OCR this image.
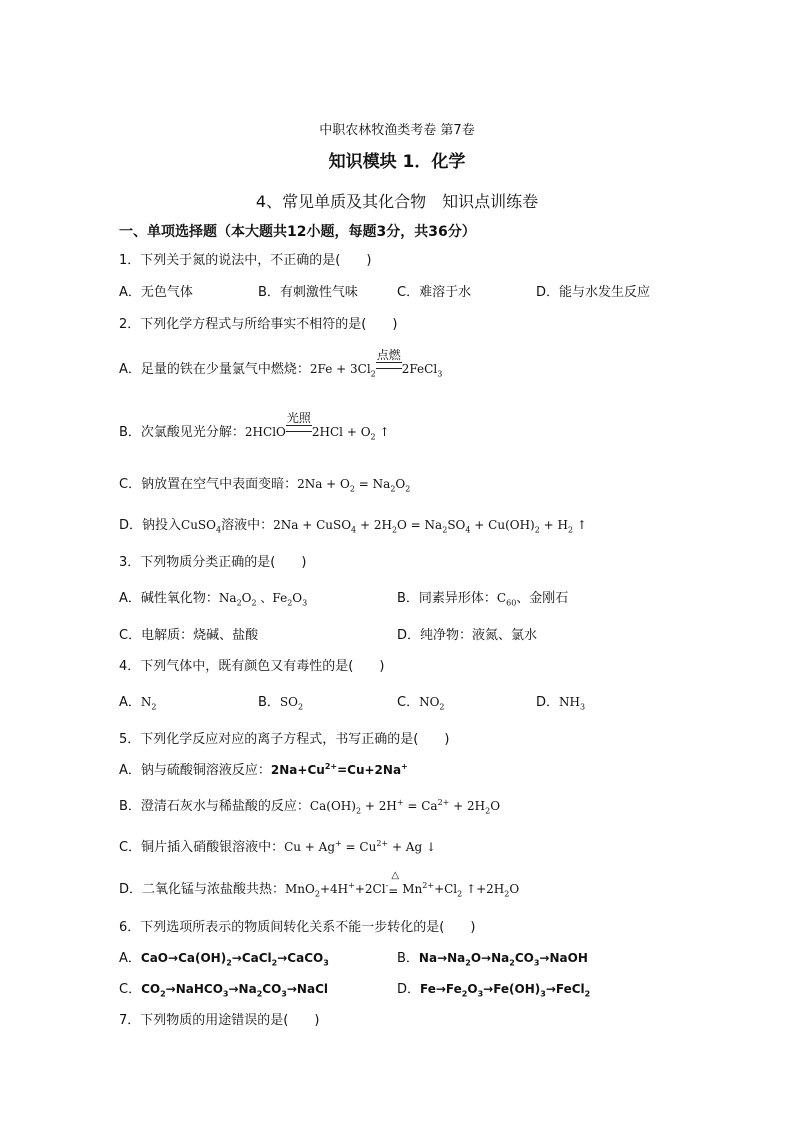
中职农林牧渔类考卷 第7卷
知识模块 1．化学
4、常见单质及其化合物　知识点训练卷
一、单项选择题（本大题共12小题，每题3分，共36分）
1．下列关于氮的说法中，不正确的是(　　)
A．无色气体	B．有刺激性气味	C．难溶于水	D．能与水发生反应
2．下列化学方程式与所给事实不相符的是(　　)
A．足量的铁在少量氯气中燃烧：$2Fe + 3Cl_2$
点燃
2FeCl$_3$
B．次氯酸见光分解：2HClO
光照
$2HCl + O_2$ ↑
C．钠放置在空气中表面变暗：$2Na + O_2 = Na_2O_2$
D．钠投入CuSO$_4$溶液中：2Na + CuSO$_4$ + $2H_2O = Na_2SO_4 + Cu(OH)_2 + H_2$ ↑
3．下列物质分类正确的是(　　)
A．碱性氧化物：$Na_2O_2$ 、$Fe_2O_3$	B．同素异形体：$C_{60}$、金刚石
C．电解质：烧碱、盐酸	D．纯净物：液氮、氯水
4．下列气体中，既有颜色又有毒性的是(　　)
A．$N_2$	B．$SO_2$	C．$NO_2$	D．$NH_3$
5．下列化学反应对应的离子方程式，书写正确的是(　　)
A．钠与硫酸铜溶液反应：$2Na+Cu^{2+}=Cu+2Na^+$
B．澄清石灰水与稀盐酸的反应：$Ca(OH)_2 + 2H^+ = Ca^{2+} + 2H_2O$
C．铜片插入硝酸银溶液中：$Cu + Ag^+ = Cu^{2+} + Ag$ ↓
D．二氧化锰与浓盐酸共热：MnO$_2$+4H++2Cl-
△
= $Mn^{2+}+Cl_2$ $↑+2H_2O$
6．下列选项所表示的物质间转化关系不能一步转化的是(　　)
A．$CaO\to Ca(OH)_2\to CaCl_2\to CaCO_3$	B．$Na\to Na_2O\to Na_2CO_3\to NaOH$
C．$CO_2\to NaHCO_3\to Na_2CO_3\to NaCl$	D．$Fe\to Fe_2O_3\to Fe(OH)_3\to FeCl_2$
7．下列物质的用途错误的是(　　)
